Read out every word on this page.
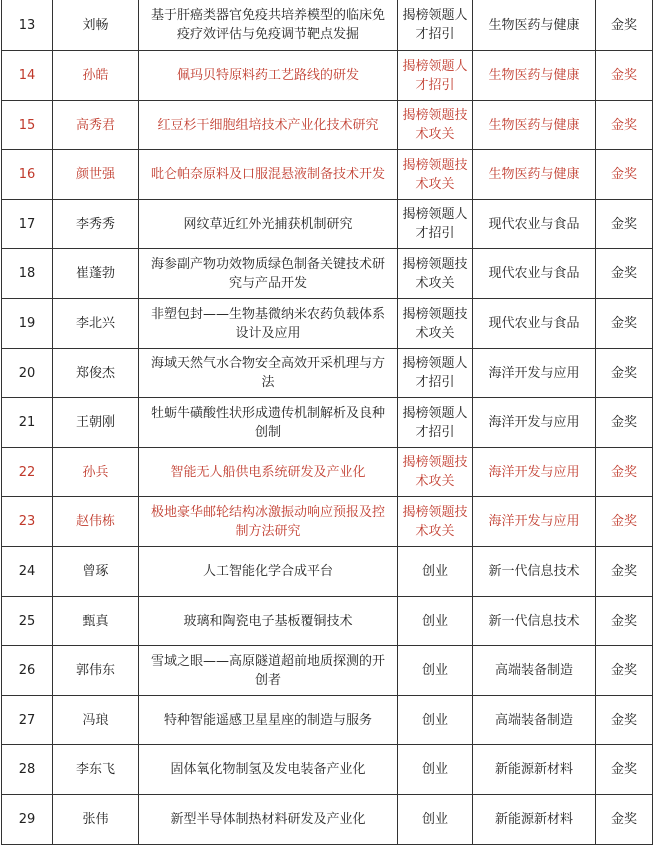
13	刘畅	基于肝癌类器官免疫共培养模型的临床免疫疗效评估与免疫调节靶点发掘	揭榜领题人才招引	生物医药与健康	金奖
14	孙皓	佩玛贝特原料药工艺路线的研发	揭榜领题人才招引	生物医药与健康	金奖
15	高秀君	红豆杉干细胞组培技术产业化技术研究	揭榜领题技术攻关	生物医药与健康	金奖
16	颜世强	吡仑帕奈原料及口服混悬液制备技术开发	揭榜领题技术攻关	生物医药与健康	金奖
17	李秀秀	网纹草近红外光捕获机制研究	揭榜领题人才招引	现代农业与食品	金奖
18	崔蓬勃	海参副产物功效物质绿色制备关键技术研究与产品开发	揭榜领题技术攻关	现代农业与食品	金奖
19	李北兴	非塑包封——生物基微纳米农药负载体系设计及应用	揭榜领题技术攻关	现代农业与食品	金奖
20	郑俊杰	海域天然气水合物安全高效开采机理与方法	揭榜领题人才招引	海洋开发与应用	金奖
21	王朝刚	牡蛎牛磺酸性状形成遗传机制解析及良种创制	揭榜领题人才招引	海洋开发与应用	金奖
22	孙兵	智能无人船供电系统研发及产业化	揭榜领题技术攻关	海洋开发与应用	金奖
23	赵伟栋	极地豪华邮轮结构冰激振动响应预报及控制方法研究	揭榜领题技术攻关	海洋开发与应用	金奖
24	曾琢	人工智能化学合成平台	创业	新一代信息技术	金奖
25	甄真	玻璃和陶瓷电子基板覆铜技术	创业	新一代信息技术	金奖
26	郭伟东	雪域之眼——高原隧道超前地质探测的开创者	创业	高端装备制造	金奖
27	冯琅	特种智能遥感卫星星座的制造与服务	创业	高端装备制造	金奖
28	李东飞	固体氧化物制氢及发电装备产业化	创业	新能源新材料	金奖
29	张伟	新型半导体制热材料研发及产业化	创业	新能源新材料	金奖
